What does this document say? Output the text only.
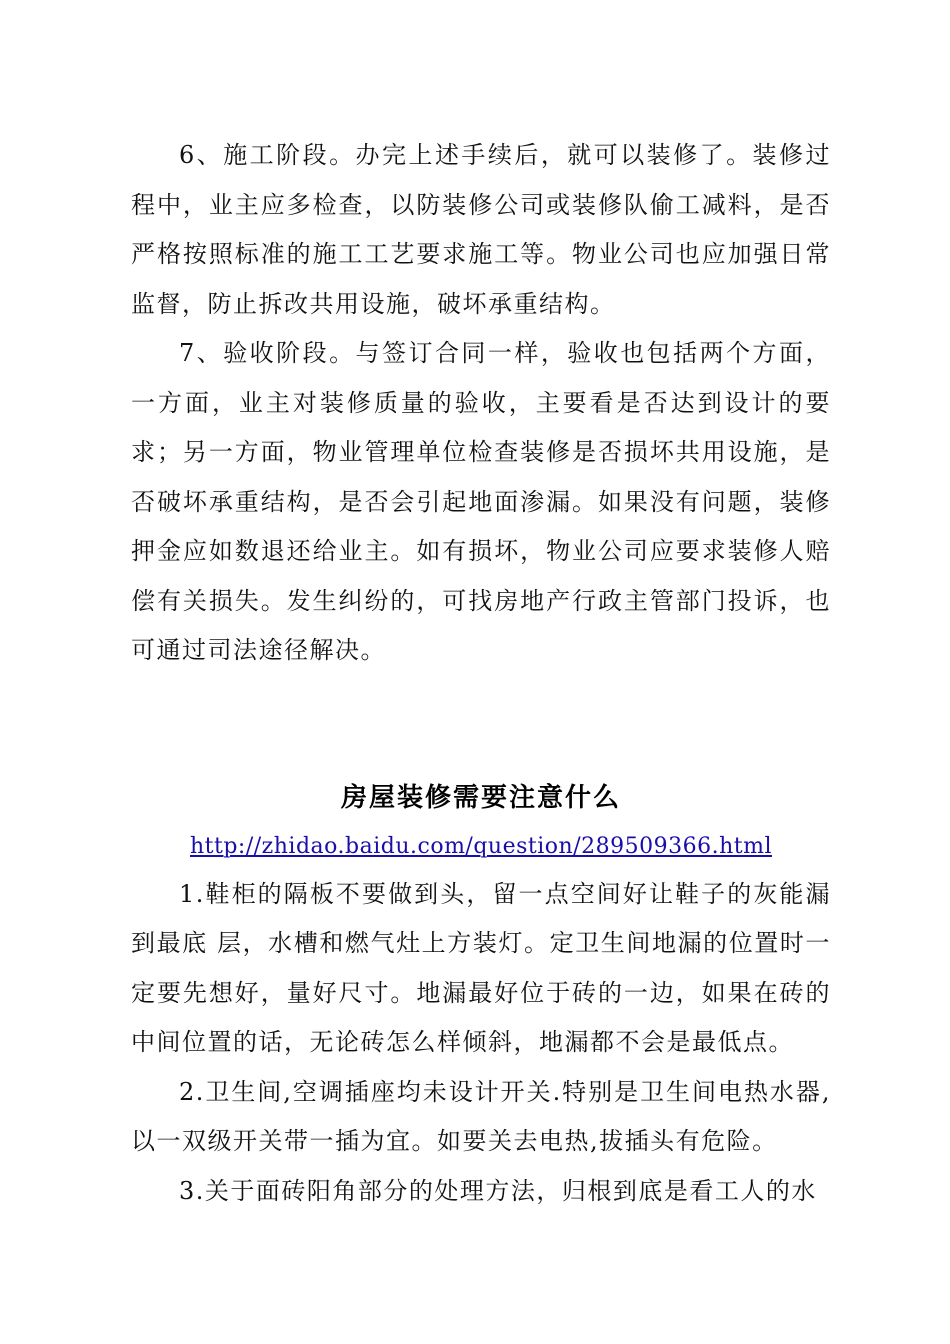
6、施工阶段。办完上述手续后，就可以装修了。装修过程中，业主应多检查，以防装修公司或装修队偷工减料，是否严格按照标准的施工工艺要求施工等。物业公司也应加强日常监督，防止拆改共用设施，破坏承重结构。

7、验收阶段。与签订合同一样，验收也包括两个方面，一方面，业主对装修质量的验收，主要看是否达到设计的要求；另一方面，物业管理单位检查装修是否损坏共用设施，是否破坏承重结构，是否会引起地面渗漏。如果没有问题，装修押金应如数退还给业主。如有损坏，物业公司应要求装修人赔偿有关损失。发生纠纷的，可找房地产行政主管部门投诉，也可通过司法途径解决。

房屋装修需要注意什么
http://zhidao.baidu.com/question/289509366.html

1.鞋柜的隔板不要做到头，留一点空间好让鞋子的灰能漏到最底 层，水槽和燃气灶上方装灯。定卫生间地漏的位置时一定要先想好，量好尺寸。地漏最好位于砖的一边，如果在砖的中间位置的话，无论砖怎么样倾斜，地漏都不会是最低点。

2.卫生间,空调插座均未设计开关.特别是卫生间电热水器,以一双级开关带一插为宜。如要关去电热,拔插头有危险。

3.关于面砖阳角部分的处理方法，归根到底是看工人的水
